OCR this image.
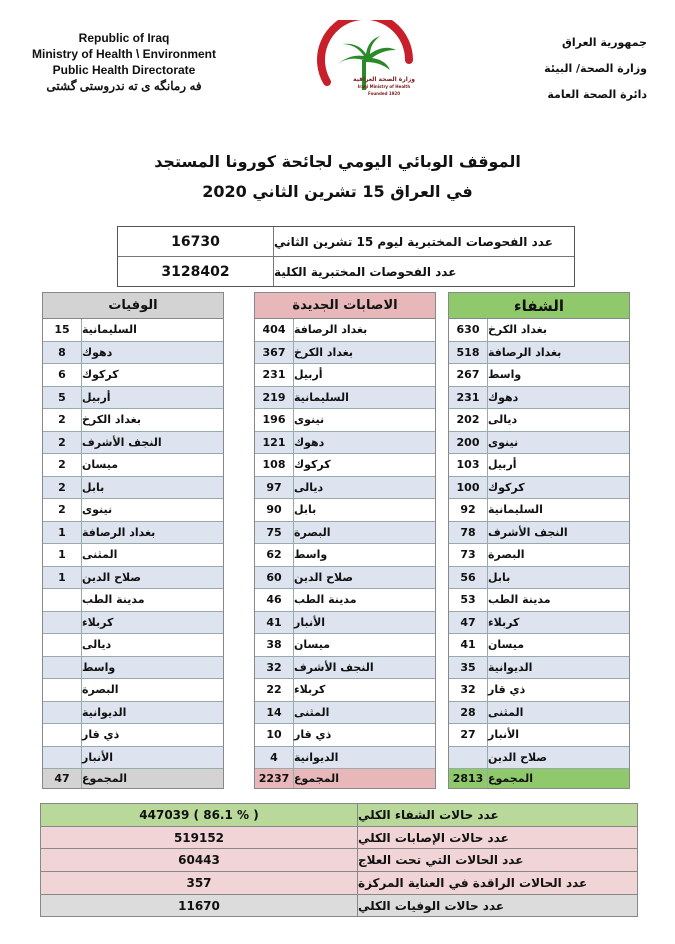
Republic of Iraq
Ministry of Health \ Environment
Public Health Directorate
فه رمانگه ی ته ندروستی گشتی
جمهورية العراق
وزارة الصحة/ البيئة
دائرة الصحة العامة
وزارة الصحة العراقية
Iraqi Ministry of Health
Founded 1920
الموقف الوبائي اليومي لجائحة كورونا المستجد
في العراق 15 تشرين الثاني 2020
16730	عدد الفحوصات المختبرية ليوم 15 تشرين الثاني
3128402	عدد الفحوصات المختبرية الكلية
الشفاء
630 بغداد الكرخ
518 بغداد الرصافة
267 واسط
231 دهوك
202 ديالى
200 نينوى
103 أربيل
100 كركوك
92	السليمانية
78	النجف الأشرف
73	البصرة
56	بابل
53	مدينة الطب
47	كربلاء
41	ميسان
35	الديوانية
32	ذي قار
28	المثنى
27	الأنبار
صلاح الدين
2813 المجموع
الاصابات الجديدة
404 بغداد الرصافة
367 بغداد الكرخ
231 أربيل
219 السليمانية
196 نينوى
121 دهوك
108 كركوك
97	ديالى
90	بابل
75	البصرة
62	واسط
60	صلاح الدين
46	مدينة الطب
41	الأنبار
38	ميسان
32	النجف الأشرف
22	كربلاء
14	المثنى
10	ذي قار
4	الديوانية
2237 المجموع
الوفيات
15	السليمانية
8	دهوك
6	كركوك
5	أربيل
2	بغداد الكرخ
2	النجف الأشرف
2	ميسان
2	بابل
2	نينوى
1	بغداد الرصافة
1	المثنى
1	صلاح الدين
مدينة الطب
كربلاء
ديالى
واسط
البصرة
الديوانية
ذي قار
الأنبار
47	المجموع
447039 ( 86.1 % )	عدد حالات الشفاء الكلي
519152	عدد حالات الإصابات الكلي
60443	عدد الحالات التي تحت العلاج
357	عدد الحالات الراقدة في العناية المركزة
11670	عدد حالات الوفيات الكلي
